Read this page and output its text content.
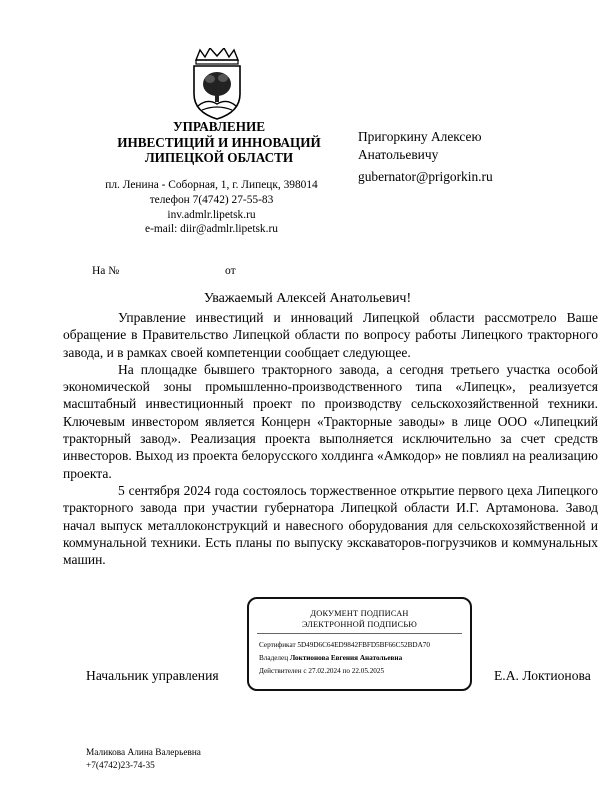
УПРАВЛЕНИЕ
ИНВЕСТИЦИЙ И ИННОВАЦИЙ
ЛИПЕЦКОЙ ОБЛАСТИ
пл. Ленина - Соборная, 1, г. Липецк, 398014
телефон 7(4742) 27-55-83
inv.admlr.lipetsk.ru
e-mail: diir@admlr.lipetsk.ru
Пригоркину Алексею
Анатольевичу
gubernator@prigorkin.ru
На №	от
Уважаемый Алексей Анатольевич!

Управление инвестиций и инноваций Липецкой области рассмотрело Ваше обращение в Правительство Липецкой области по вопросу работы Липецкого тракторного завода, и в рамках своей компетенции сообщает следующее.

На площадке бывшего тракторного завода, а сегодня третьего участка особой экономической зоны промышленно-производственного типа «Липецк», реализуется масштабный инвестиционный проект по производству сельскохозяйственной техники. Ключевым инвестором является Концерн «Тракторные заводы» в лице ООО «Липецкий тракторный завод». Реализация проекта выполняется исключительно за счет средств инвесторов. Выход из проекта белорусского холдинга «Амкодор» не повлиял на реализацию проекта.

5 сентября 2024 года состоялось торжественное открытие первого цеха Липецкого тракторного завода при участии губернатора Липецкой области И.Г. Артамонова. Завод начал выпуск металлоконструкций и навесного оборудования для сельскохозяйственной и коммунальной техники. Есть планы по выпуску экскаваторов-погрузчиков и коммунальных машин.

Начальник управления
ДОКУМЕНТ ПОДПИСАН
ЭЛЕКТРОННОЙ ПОДПИСЬЮ
Сертификат 5D49D6C64ED9842FBFD5BF66C52BDA70
Владелец Локтионова Евгения Анатольевна
Действителен с 27.02.2024 по 22.05.2025	Е.А. Локтионова
Маликова Алина Валерьевна
+7(4742)23-74-35
